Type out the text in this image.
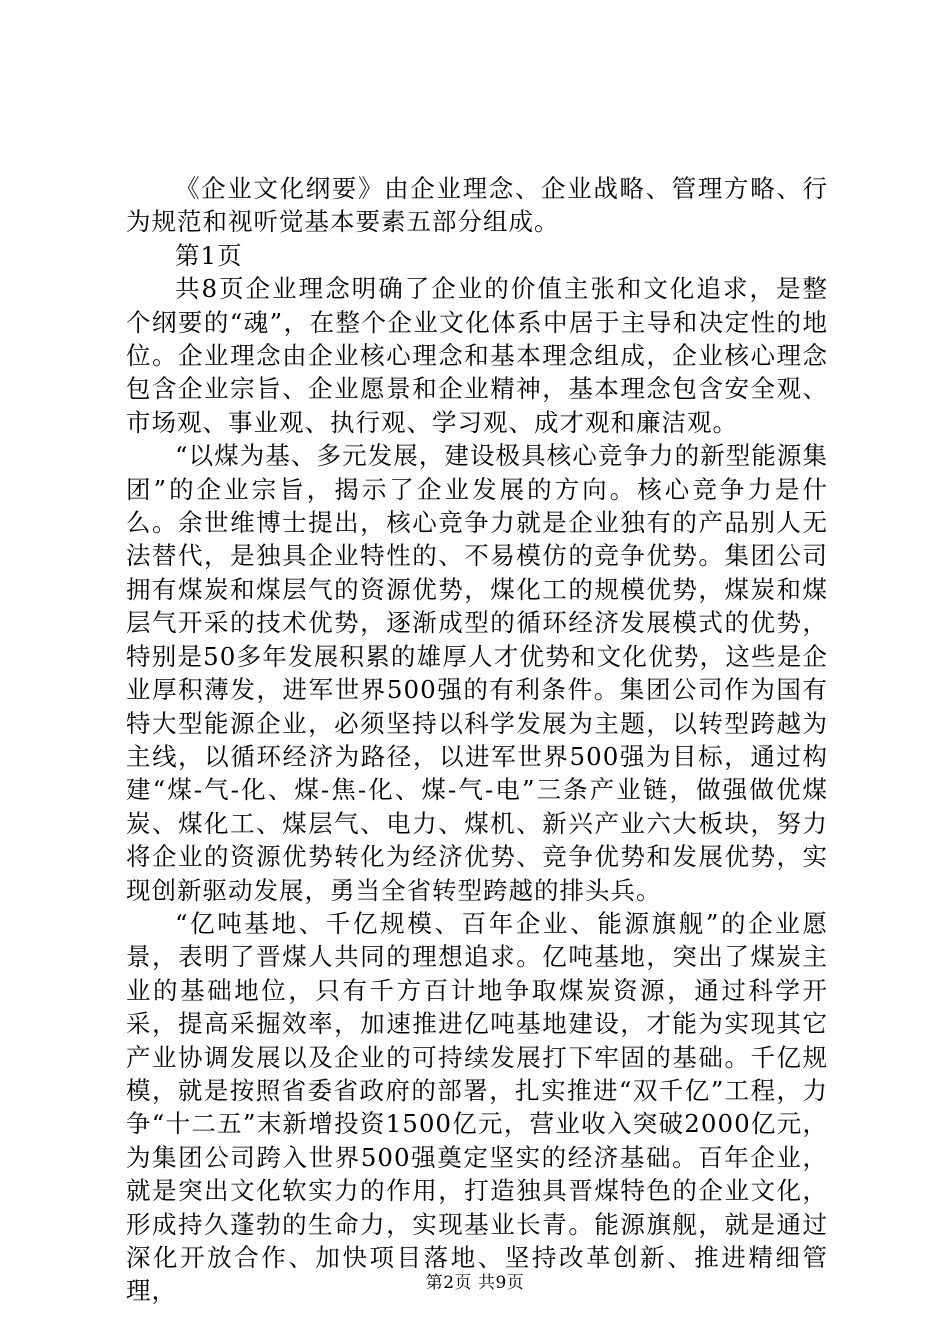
《企业文化纲要》由企业理念、企业战略、管理方略、行为规范和视听觉基本要素五部分组成。

第1页

共8页企业理念明确了企业的价值主张和文化追求，是整个纲要的“魂”，在整个企业文化体系中居于主导和决定性的地位。企业理念由企业核心理念和基本理念组成，企业核心理念包含企业宗旨、企业愿景和企业精神，基本理念包含安全观、市场观、事业观、执行观、学习观、成才观和廉洁观。

“以煤为基、多元发展，建设极具核心竞争力的新型能源集团”的企业宗旨，揭示了企业发展的方向。核心竞争力是什么。余世维博士提出，核心竞争力就是企业独有的产品别人无法替代，是独具企业特性的、不易模仿的竞争优势。集团公司拥有煤炭和煤层气的资源优势，煤化工的规模优势，煤炭和煤层气开采的技术优势，逐渐成型的循环经济发展模式的优势，特别是50多年发展积累的雄厚人才优势和文化优势，这些是企业厚积薄发，进军世界500强的有利条件。集团公司作为国有特大型能源企业，必须坚持以科学发展为主题，以转型跨越为主线，以循环经济为路径，以进军世界500强为目标，通过构建“煤-气-化、煤-焦-化、煤-气-电”三条产业链，做强做优煤炭、煤化工、煤层气、电力、煤机、新兴产业六大板块，努力将企业的资源优势转化为经济优势、竞争优势和发展优势，实现创新驱动发展，勇当全省转型跨越的排头兵。

“亿吨基地、千亿规模、百年企业、能源旗舰”的企业愿景，表明了晋煤人共同的理想追求。亿吨基地，突出了煤炭主业的基础地位，只有千方百计地争取煤炭资源，通过科学开采，提高采掘效率，加速推进亿吨基地建设，才能为实现其它产业协调发展以及企业的可持续发展打下牢固的基础。千亿规模，就是按照省委省政府的部署，扎实推进“双千亿”工程，力争“十二五”末新增投资1500亿元，营业收入突破2000亿元，为集团公司跨入世界500强奠定坚实的经济基础。百年企业，就是突出文化软实力的作用，打造独具晋煤特色的企业文化，形成持久蓬勃的生命力，实现基业长青。能源旗舰，就是通过深化开放合作、加快项目落地、坚持改革创新、推进精细管理，	第2页 共9页
